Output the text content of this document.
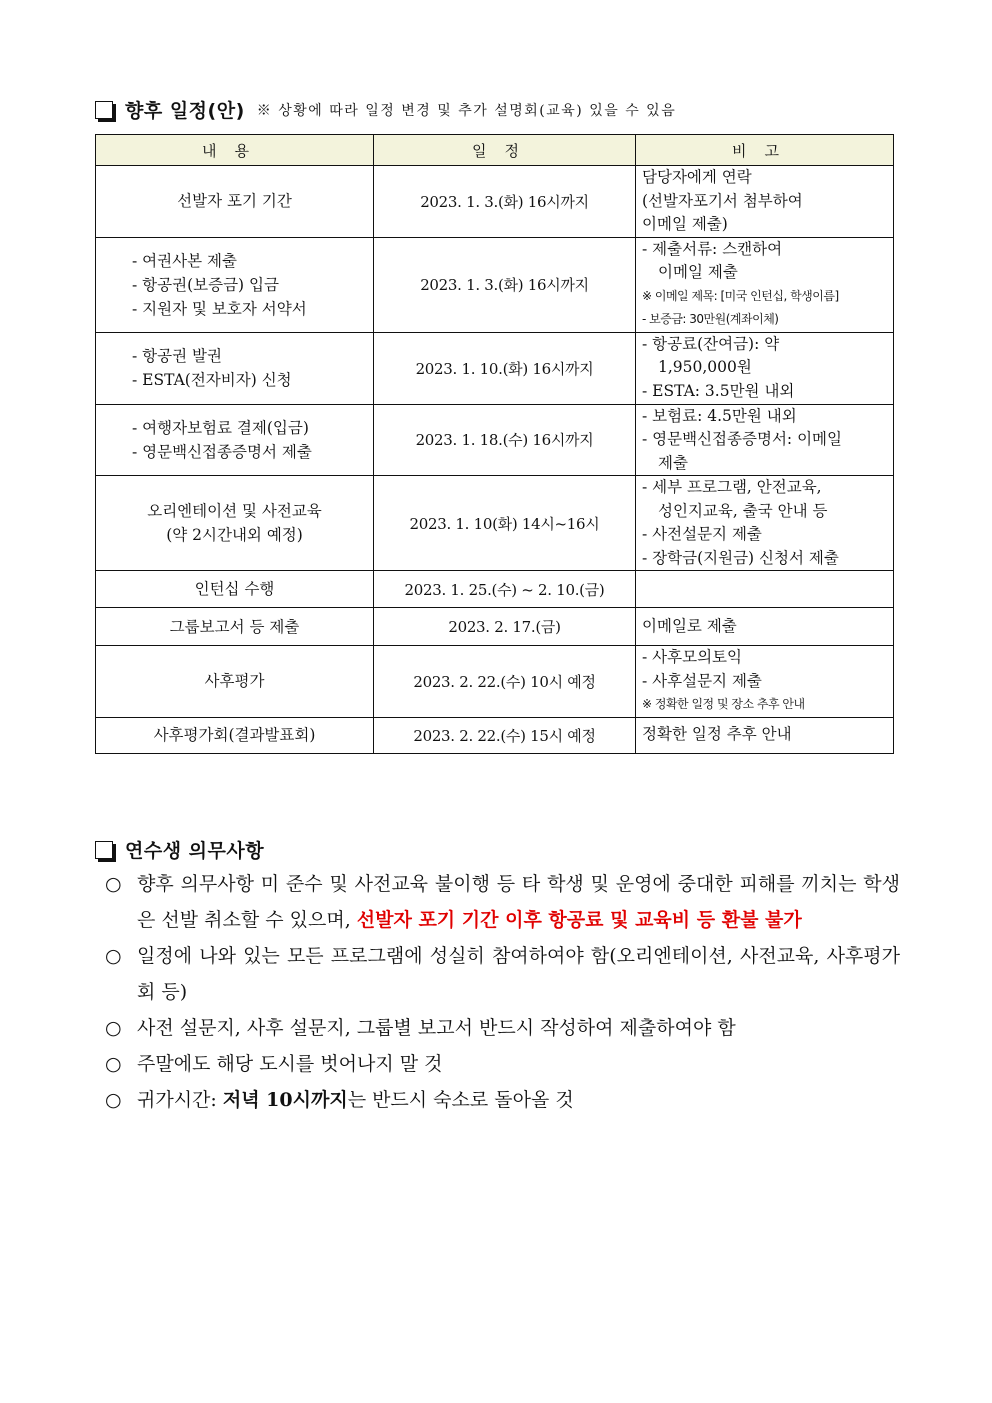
향후 일정(안) ※ 상황에 따라 일정 변경 및 추가 설명회(교육) 있을 수 있음
내용	일정	비고

선발자 포기 기간	2023. 1. 3.(화) 16시까지	담당자에게 연락
(선발자포기서 첨부하여
이메일 제출)

- 여권사본 제출
- 항공권(보증금) 입금
- 지원자 및 보호자 서약서	2023. 1. 3.(화) 16시까지	- 제출서류: 스캔하여
이메일 제출
※ 이메일 제목: [미국 인턴십, 학생이름]
- 보증금: 30만원(계좌이체)

- 항공권 발권
- ESTA(전자비자) 신청	2023. 1. 10.(화) 16시까지	- 항공료(잔여금): 약
1,950,000원
- ESTA: 3.5만원 내외

- 여행자보험료 결제(입금)
- 영문백신접종증명서 제출	2023. 1. 18.(수) 16시까지	- 보험료: 4.5만원 내외
- 영문백신접종증명서: 이메일
제출

오리엔테이션 및 사전교육
(약 2시간내외 예정)	2023. 1. 10(화) 14시~16시	- 세부 프로그램, 안전교육,
성인지교육, 출국 안내 등
- 사전설문지 제출
- 장학금(지원금) 신청서 제출

인턴십 수행	2023. 1. 25.(수) ~ 2. 10.(금)	

그룹보고서 등 제출	2023. 2. 17.(금)	이메일로 제출

사후평가	2023. 2. 22.(수) 10시 예정	- 사후모의토익
- 사후설문지 제출
※ 정확한 일정 및 장소 추후 안내

사후평가회(결과발표회)	2023. 2. 22.(수) 15시 예정	정확한 일정 추후 안내
연수생 의무사항
○ 향후 의무사항 미 준수 및 사전교육 불이행 등 타 학생 및 운영에 중대한 피해를 끼치는 학생은 선발 취소할 수 있으며, 선발자 포기 기간 이후 항공료 및 교육비 등 환불 불가
○ 일정에 나와 있는 모든 프로그램에 성실히 참여하여야 함(오리엔테이션, 사전교육, 사후평가회 등)
○ 사전 설문지, 사후 설문지, 그룹별 보고서 반드시 작성하여 제출하여야 함
○ 주말에도 해당 도시를 벗어나지 말 것
○ 귀가시간: 저녁 10시까지는 반드시 숙소로 돌아올 것
